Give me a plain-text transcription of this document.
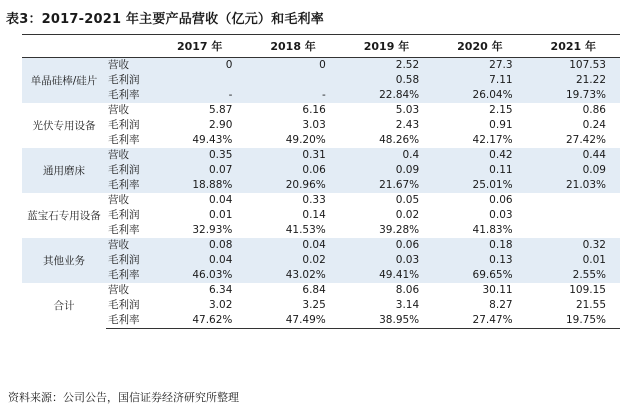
表3：2017-2021 年主要产品营收（亿元）和毛利率
		2017 年	2018 年	2019 年	2020 年	2021 年
单晶硅棒/硅片	营收	0	0	2.52	27.3	107.53
	毛利润			0.58	7.11	21.22
	毛利率	-	-	22.84%	26.04%	19.73%
光伏专用设备	营收	5.87	6.16	5.03	2.15	0.86
	毛利润	2.90	3.03	2.43	0.91	0.24
	毛利率	49.43%	49.20%	48.26%	42.17%	27.42%
通用磨床	营收	0.35	0.31	0.4	0.42	0.44
	毛利润	0.07	0.06	0.09	0.11	0.09
	毛利率	18.88%	20.96%	21.67%	25.01%	21.03%
蓝宝石专用设备	营收	0.04	0.33	0.05	0.06	
	毛利润	0.01	0.14	0.02	0.03	
	毛利率	32.93%	41.53%	39.28%	41.83%	
其他业务	营收	0.08	0.04	0.06	0.18	0.32
	毛利润	0.04	0.02	0.03	0.13	0.01
	毛利率	46.03%	43.02%	49.41%	69.65%	2.55%
合计	营收	6.34	6.84	8.06	30.11	109.15
	毛利润	3.02	3.25	3.14	8.27	21.55
	毛利率	47.62%	47.49%	38.95%	27.47%	19.75%
资料来源：公司公告，国信证券经济研究所整理
